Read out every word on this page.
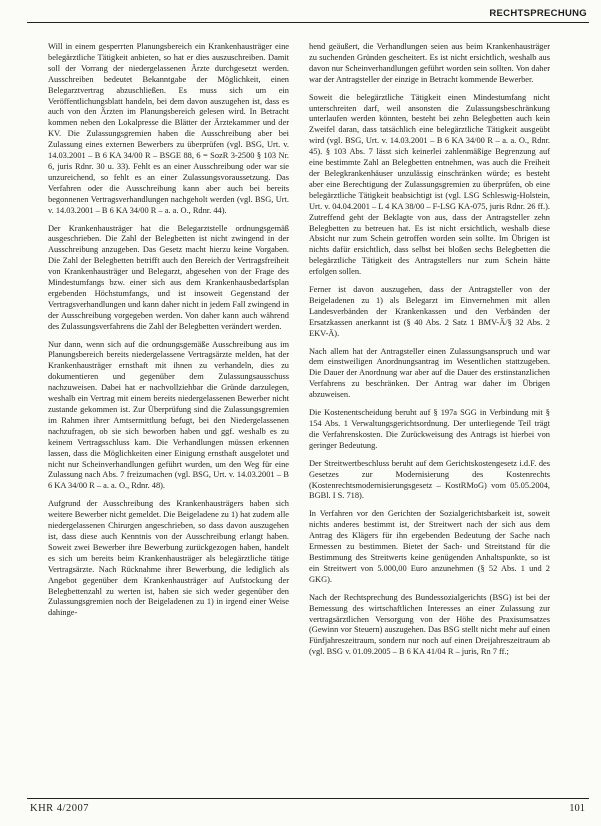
RECHTSPRECHUNG

Will in einem gesperrten Planungsbereich ein Krankenhausträger eine belegärztliche Tätigkeit anbieten, so hat er dies auszuschreiben. Damit soll der Vorrang der niedergelassenen Ärzte durchgesetzt werden. Ausschreiben bedeutet Bekanntgabe der Möglichkeit, einen Belegarztvertrag abzuschließen. Es muss sich um ein Veröffentlichungsblatt handeln, bei dem davon auszugehen ist, dass es auch von den Ärzten im Planungsbereich gelesen wird. In Betracht kommen neben den Lokalpresse die Blätter der Ärztekammer und der KV. Die Zulassungsgremien haben die Ausschreibung aber bei Zulassung eines externen Bewerbers zu überprüfen (vgl. BSG, Urt. v. 14.03.2001 – B 6 KA 34/00 R – BSGE 88, 6 = SozR 3-2500 § 103 Nr. 6, juris Rdnr. 30 u. 33). Fehlt es an einer Ausschreibung oder war sie unzureichend, so fehlt es an einer Zulassungsvoraussetzung. Das Verfahren oder die Ausschreibung kann aber auch bei bereits begonnenen Vertragsverhandlungen nachgeholt werden (vgl. BSG, Urt. v. 14.03.2001 – B 6 KA 34/00 R – a. a. O., Rdnr. 44).

Der Krankenhausträger hat die Belegarztstelle ordnungsgemäß ausgeschrieben. Die Zahl der Belegbetten ist nicht zwingend in der Ausschreibung anzugeben. Das Gesetz macht hierzu keine Vorgaben. Die Zahl der Belegbetten betrifft auch den Bereich der Vertragsfreiheit von Krankenhausträger und Belegarzt, abgesehen von der Frage des Mindestumfangs bzw. einer sich aus dem Krankenhausbedarfsplan ergebenden Höchstumfangs, und ist insoweit Gegenstand der Vertragsverhandlungen und kann daher nicht in jedem Fall zwingend in der Ausschreibung vorgegeben werden. Von daher kann auch während des Zulassungsverfahrens die Zahl der Belegbetten verändert werden.

Nur dann, wenn sich auf die ordnungsgemäße Ausschreibung aus im Planungsbereich bereits niedergelassene Vertragsärzte melden, hat der Krankenhausträger ernsthaft mit ihnen zu verhandeln, dies zu dokumentieren und gegenüber dem Zulassungsausschuss nachzuweisen. Dabei hat er nachvollziehbar die Gründe darzulegen, weshalb ein Vertrag mit einem bereits niedergelassenen Bewerber nicht zustande gekommen ist. Zur Überprüfung sind die Zulassungsgremien im Rahmen ihrer Amtsermittlung befugt, bei den Niedergelassenen nachzufragen, ob sie sich beworben haben und ggf. weshalb es zu keinem Vertragsschluss kam. Die Verhandlungen müssen erkennen lassen, dass die Möglichkeiten einer Einigung ernsthaft ausgelotet und nicht nur Scheinverhandlungen geführt wurden, um den Weg für eine Zulassung nach Abs. 7 freizumachen (vgl. BSG, Urt. v. 14.03.2001 – B 6 KA 34/00 R – a. a. O., Rdnr. 48).

Aufgrund der Ausschreibung des Krankenhausträgers haben sich weitere Bewerber nicht gemeldet. Die Beigeladene zu 1) hat zudem alle niedergelassenen Chirurgen angeschrieben, so dass davon auszugehen ist, dass diese auch Kenntnis von der Ausschreibung erlangt haben. Soweit zwei Bewerber ihre Bewerbung zurückgezogen haben, handelt es sich um bereits beim Krankenhausträger als belegärztliche tätige Vertragsärzte. Nach Rücknahme ihrer Bewerbung, die lediglich als Angebot gegenüber dem Krankenhausträger auf Aufstockung der Belegbettenzahl zu werten ist, haben sie sich weder gegenüber den Zulassungsgremien noch der Beigeladenen zu 1) in irgend einer Weise dahinge-

hend geäußert, die Verhandlungen seien aus beim Krankenhausträger zu suchenden Gründen gescheitert. Es ist nicht ersichtlich, weshalb aus davon nur Scheinverhandlungen geführt worden sein sollten. Von daher war der Antragsteller der einzige in Betracht kommende Bewerber.

Soweit die belegärztliche Tätigkeit einen Mindestumfang nicht unterschreiten darf, weil ansonsten die Zulassungsbeschränkung unterlaufen werden könnten, besteht bei zehn Belegbetten auch kein Zweifel daran, dass tatsächlich eine belegärztliche Tätigkeit ausgeübt wird (vgl. BSG, Urt. v. 14.03.2001 – B 6 KA 34/00 R – a. a. O., Rdnr. 45). § 103 Abs. 7 lässt sich keinerlei zahlenmäßige Begrenzung auf eine bestimmte Zahl an Belegbetten entnehmen, was auch die Freiheit der Belegkrankenhäuser unzulässig einschränken würde; es besteht aber eine Berechtigung der Zulassungsgremien zu überprüfen, ob eine belegärztliche Tätigkeit beabsichtigt ist (vgl. LSG Schleswig-Holstein, Urt. v. 04.04.2001 – L 4 KA 38/00 – F-LSG KA-075, juris Rdnr. 26 ff.). Zutreffend geht der Beklagte von aus, dass der Antragsteller zehn Belegbetten zu betreuen hat. Es ist nicht ersichtlich, weshalb diese Absicht nur zum Schein getroffen worden sein sollte. Im Übrigen ist nichts dafür ersichtlich, dass selbst bei bloßen sechs Belegbetten die belegärztliche Tätigkeit des Antragstellers nur zum Schein hätte erfolgen sollen.

Ferner ist davon auszugehen, dass der Antragsteller von der Beigeladenen zu 1) als Belegarzt im Einvernehmen mit allen Landesverbänden der Krankenkassen und den Verbänden der Ersatzkassen anerkannt ist (§ 40 Abs. 2 Satz 1 BMV-Ä/§ 32 Abs. 2 EKV-Ä).

Nach allem hat der Antragsteller einen Zulassungsanspruch und war dem einstweiligen Anordnungsantrag im Wesentlichen stattzugeben. Die Dauer der Anordnung war aber auf die Dauer des erstinstanzlichen Verfahrens zu beschränken. Der Antrag war daher im Übrigen abzuweisen.

Die Kostenentscheidung beruht auf § 197a SGG in Verbindung mit § 154 Abs. 1 Verwaltungsgerichtsordnung. Der unterliegende Teil trägt die Verfahrenskosten. Die Zurückweisung des Antrags ist hierbei von geringer Bedeutung.

Der Streitwertbeschluss beruht auf dem Gerichtskostengesetz i.d.F. des Gesetzes zur Modernisierung des Kostenrechts (Kostenrechtsmodernisierungsgesetz – KostRMoG) vom 05.05.2004, BGBl. I S. 718).

In Verfahren vor den Gerichten der Sozialgerichtsbarkeit ist, soweit nichts anderes bestimmt ist, der Streitwert nach der sich aus dem Antrag des Klägers für ihn ergebenden Bedeutung der Sache nach Ermessen zu bestimmen. Bietet der Sach- und Streitstand für die Bestimmung des Streitwerts keine genügenden Anhaltspunkte, so ist ein Streitwert von 5.000,00 Euro anzunehmen (§ 52 Abs. 1 und 2 GKG).

Nach der Rechtsprechung des Bundessozialgerichts (BSG) ist bei der Bemessung des wirtschaftlichen Interesses an einer Zulassung zur vertragsärztlichen Versorgung von der Höhe des Praxisumsatzes (Gewinn vor Steuern) auszugehen. Das BSG stellt nicht mehr auf einen Fünfjahreszeitraum, sondern nur noch auf einen Dreijahreszeitraum ab (vgl. BSG v. 01.09.2005 – B 6 KA 41/04 R – juris, Rn 7 ff.;

KHR 4/2007	101
